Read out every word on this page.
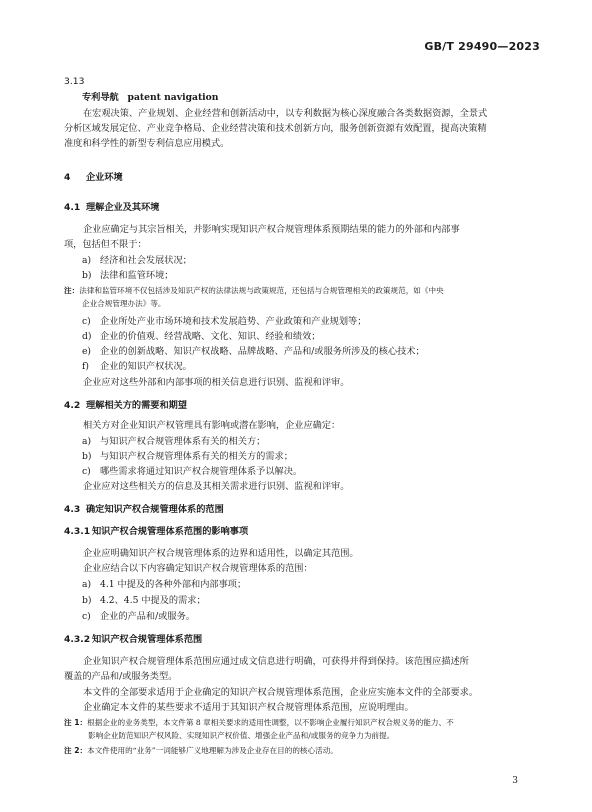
GB/T 29490—2023
3.13
专利导航 patent navigation
在宏观决策、产业规划、企业经营和创新活动中，以专利数据为核心深度融合各类数据资源，全景式
分析区域发展定位、产业竞争格局、企业经营决策和技术创新方向，服务创新资源有效配置，提高决策精
准度和科学性的新型专利信息应用模式。
4 企业环境
4.1 理解企业及其环境
企业应确定与其宗旨相关，并影响实现知识产权合规管理体系预期结果的能力的外部和内部事
项，包括但不限于：
a) 经济和社会发展状况；
b) 法律和监管环境；
注：法律和监管环境不仅包括涉及知识产权的法律法规与政策规范，还包括与合规管理相关的政策规范，如《中央
企业合规管理办法》等。
c) 企业所处产业市场环境和技术发展趋势、产业政策和产业规划等；
d) 企业的价值观、经营战略、文化、知识、经验和绩效；
e) 企业的创新战略、知识产权战略、品牌战略、产品和/或服务所涉及的核心技术；
f) 企业的知识产权状况。
企业应对这些外部和内部事项的相关信息进行识别、监视和评审。
4.2 理解相关方的需要和期望
相关方对企业知识产权管理具有影响或潜在影响，企业应确定：
a) 与知识产权合规管理体系有关的相关方；
b) 与知识产权合规管理体系有关的相关方的需求；
c) 哪些需求将通过知识产权合规管理体系予以解决。
企业应对这些相关方的信息及其相关需求进行识别、监视和评审。
4.3 确定知识产权合规管理体系的范围
4.3.1 知识产权合规管理体系范围的影响事项
企业应明确知识产权合规管理体系的边界和适用性，以确定其范围。
企业应结合以下内容确定知识产权合规管理体系的范围：
a) 4.1 中提及的各种外部和内部事项；
b) 4.2、4.5 中提及的需求；
c) 企业的产品和/或服务。
4.3.2 知识产权合规管理体系范围
企业知识产权合规管理体系范围应通过成文信息进行明确，可获得并得到保持。该范围应描述所
覆盖的产品和/或服务类型。
本文件的全部要求适用于企业确定的知识产权合规管理体系范围，企业应实施本文件的全部要求。
企业确定本文件的某些要求不适用于其知识产权合规管理体系范围，应说明理由。
注 1：根据企业的业务类型，本文件第 8 章相关要求的适用性调整，以不影响企业履行知识产权合规义务的能力、不
影响企业防范知识产权风险、实现知识产权价值、增强企业产品和/或服务的竞争力为前提。
注 2：本文件使用的“业务”一词能够广义地理解为涉及企业存在目的的核心活动。
3
